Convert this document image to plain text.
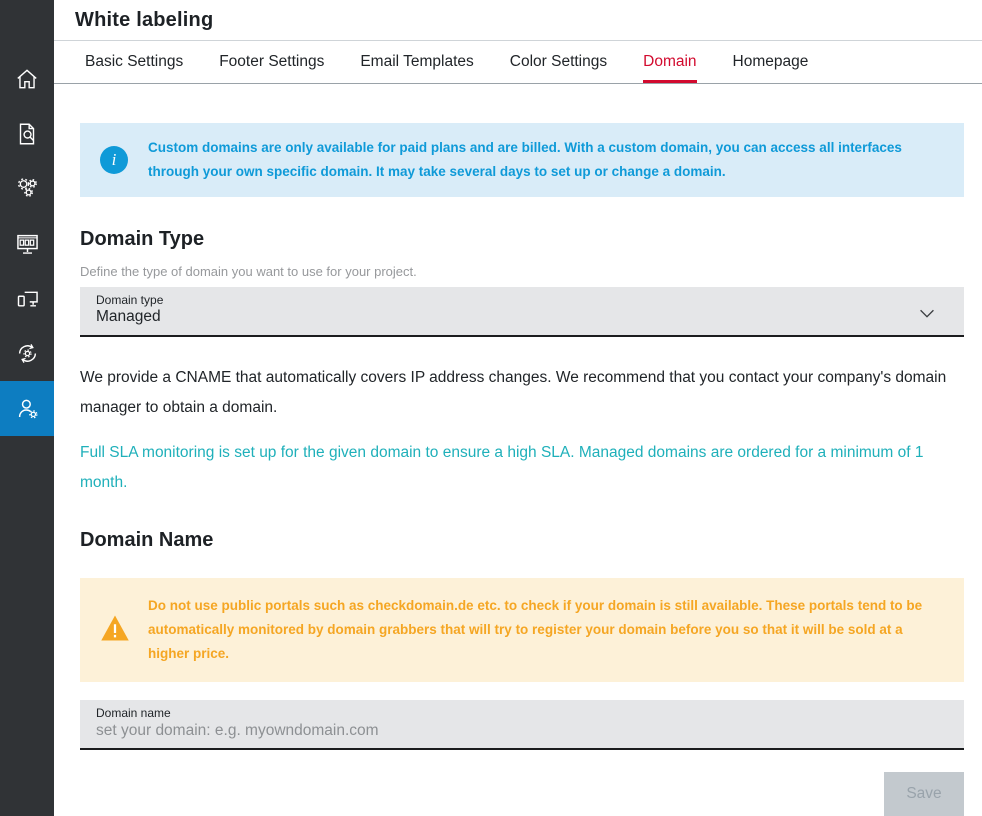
White labeling
Basic Settings Footer Settings Email Templates Color Settings Domain Homepage
i

Custom domains are only available for paid plans and are billed. With a custom domain, you can access all interfaces through your own specific domain. It may take several days to set up or change a domain.

Domain Type

Define the type of domain you want to use for your project.

Domain type
Managed

We provide a CNAME that automatically covers IP address changes. We recommend that you contact your company's domain manager to obtain a domain.

Full SLA monitoring is set up for the given domain to ensure a high SLA. Managed domains are ordered for a minimum of 1 month.

Domain Name

Do not use public portals such as checkdomain.de etc. to check if your domain is still available. These portals tend to be automatically monitored by domain grabbers that will try to register your domain before you so that it will be sold at a higher price.

Domain name
set your domain: e.g. myowndomain.com
Save
